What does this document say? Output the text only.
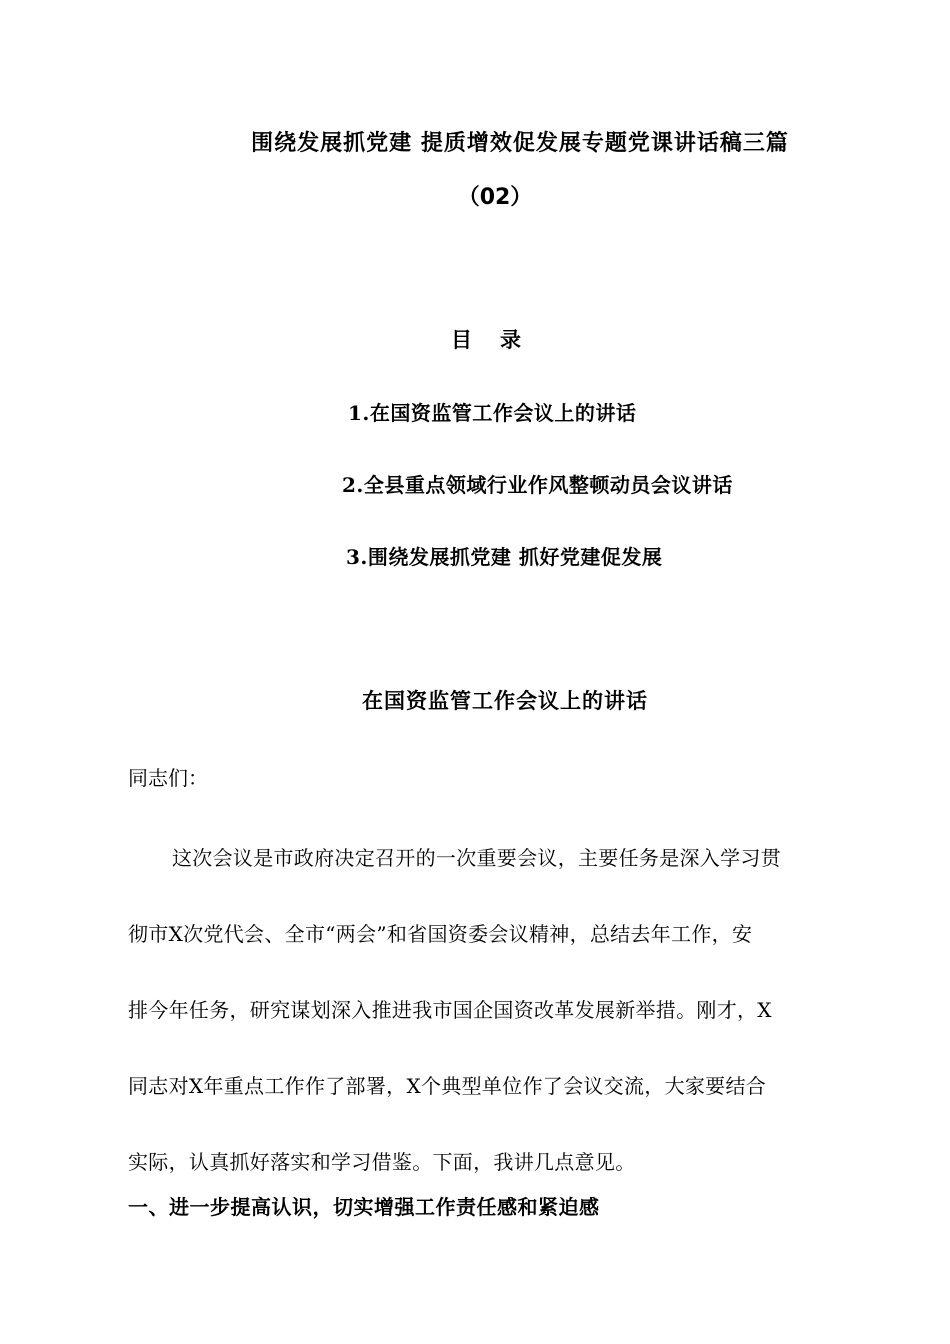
围绕发展抓党建 提质增效促发展专题党课讲话稿三篇
（02）
目录
1.在国资监管工作会议上的讲话
2.全县重点领域行业作风整顿动员会议讲话
3.围绕发展抓党建 抓好党建促发展
在国资监管工作会议上的讲话
同志们：
这次会议是市政府决定召开的一次重要会议，主要任务是深入学习贯
彻市X次党代会、全市“两会”和省国资委会议精神，总结去年工作，安
排今年任务，研究谋划深入推进我市国企国资改革发展新举措。刚才，X
同志对X年重点工作作了部署，X个典型单位作了会议交流，大家要结合
实际，认真抓好落实和学习借鉴。下面，我讲几点意见。
一、进一步提高认识，切实增强工作责任感和紧迫感
